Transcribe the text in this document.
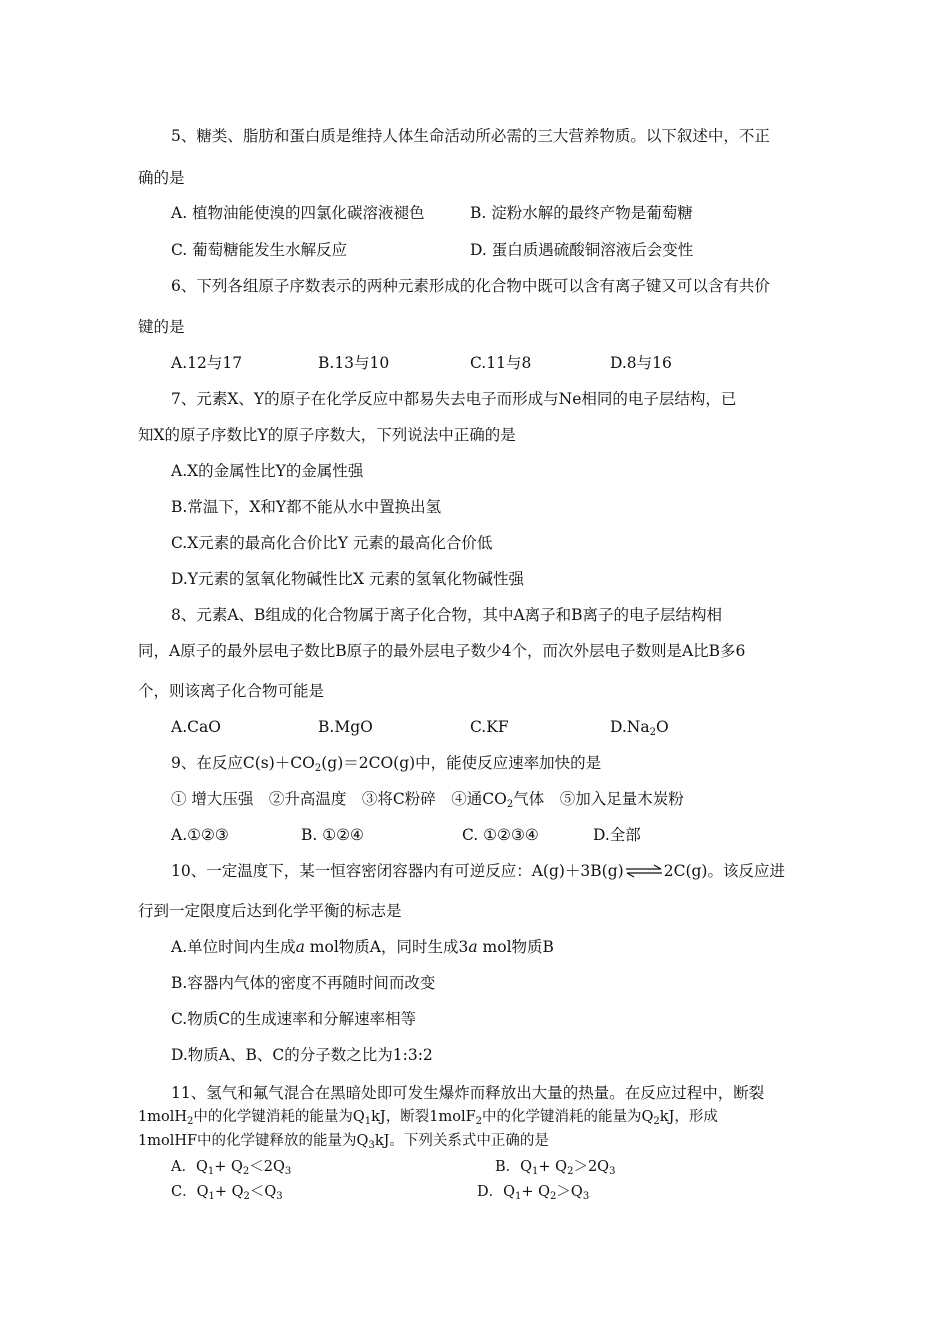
5、糖类、脂肪和蛋白质是维持人体生命活动所必需的三大营养物质。以下叙述中，不正
确的是
A. 植物油能使溴的四氯化碳溶液褪色	B. 淀粉水解的最终产物是葡萄糖
C. 葡萄糖能发生水解反应	D. 蛋白质遇硫酸铜溶液后会变性
6、下列各组原子序数表示的两种元素形成的化合物中既可以含有离子键又可以含有共价
键的是
A.12与17	B.13与10	C.11与8	D.8与16
7、元素X、Y的原子在化学反应中都易失去电子而形成与Ne相同的电子层结构，已
知X的原子序数比Y的原子序数大，下列说法中正确的是
A.X的金属性比Y的金属性强
B.常温下，X和Y都不能从水中置换出氢
C.X元素的最高化合价比Y 元素的最高化合价低
D.Y元素的氢氧化物碱性比X 元素的氢氧化物碱性强
8、元素A、B组成的化合物属于离子化合物，其中A离子和B离子的电子层结构相
同，A原子的最外层电子数比B原子的最外层电子数少4个，而次外层电子数则是A比B多6
个，则该离子化合物可能是
A.CaO	B.MgO	C.KF	$D.Na_2O$
9、在反应$C(s)+CO_2(g)=2CO(g)$中，能使反应速率加快的是
① 增大压强　②升高温度　③将C粉碎　④通$CO_2$气体　⑤加入足量木炭粉
A.①②③	B. ①②④	C. ①②③④	D.全部
10、一定温度下，某一恒容密闭容器内有可逆反应：A(g)＋3B(g)⇌2C(g)。该反应进
行到一定限度后达到化学平衡的标志是
A.单位时间内生成a mol物质A，同时生成3a mol物质B
B.容器内气体的密度不再随时间而改变
C.物质C的生成速率和分解速率相等
D.物质A、B、C的分子数之比为1:3:2
11、氢气和氟气混合在黑暗处即可发生爆炸而释放出大量的热量。在反应过程中，断裂
1molH$_2$中的化学键消耗的能量为$Q_1kJ$，断裂1molF$_2$中的化学键消耗的能量为$Q_2kJ$，形成
1molHF中的化学键释放的能量为$Q_3kJ$。下列关系式中正确的是
A．$Q_1+ Q_2<2Q_3$	B．$Q_1+ Q_2>2Q_3$
C．$Q_1+ Q_2<Q_3$	D．$Q_1+ Q_2>Q_3$
